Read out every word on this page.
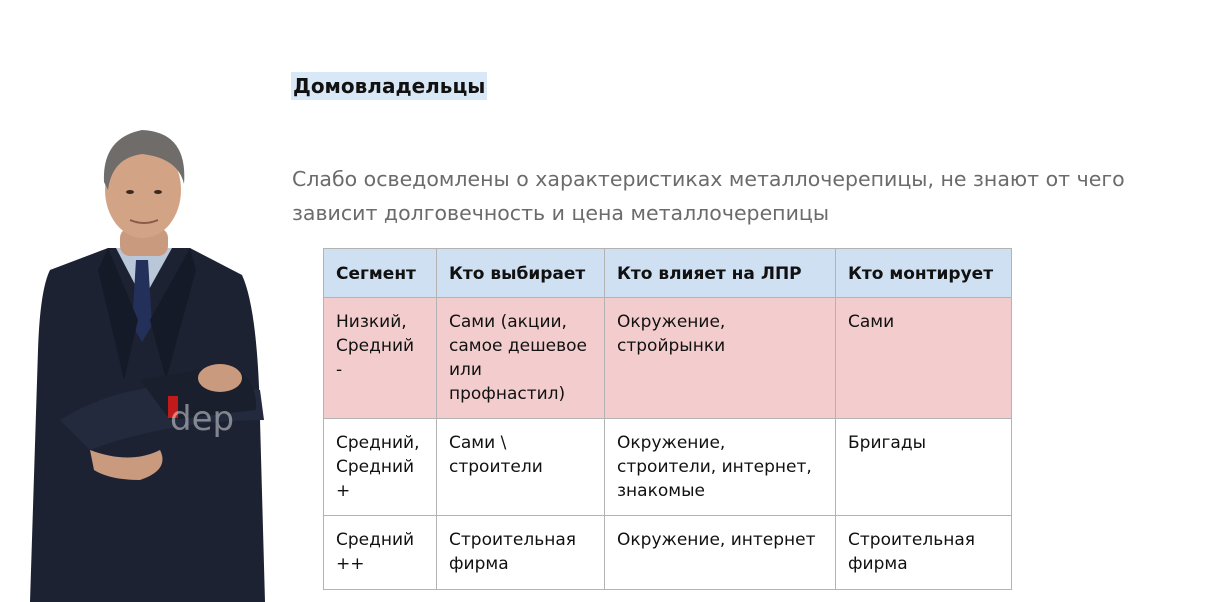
Домовладельцы
Слабо осведомлены о характеристиках металлочерепицы, не знают от чего зависит долговечность и цена металлочерепицы
dep
Сегмент	Кто выбирает	Кто влияет на ЛПР	Кто монтирует
Низкий, Средний -	Сами (акции, самое дешевое или профнастил)	Окружение, стройрынки	Сами
Средний, Средний +	Сами \ строители	Окружение, строители, интернет, знакомые	Бригады
Средний ++	Строительная фирма	Окружение, интернет	Строительная фирма
